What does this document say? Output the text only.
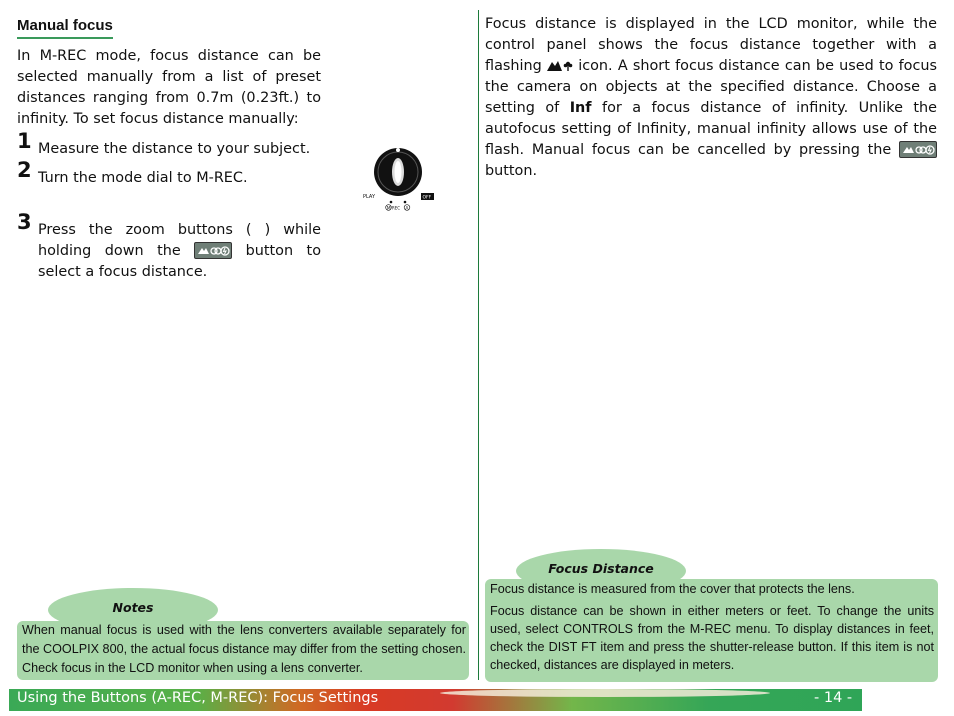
Manual focus
In M-REC mode, focus distance can be selected manually from a list of preset distances ranging from 0.7m (0.23ft.) to infinity. To set focus distance manually:
1 Measure the distance to your subject.
2 Turn the mode dial to M-REC.
3 Press the zoom buttons ( ) while holding down the	button to select a focus distance.
PLAY	OFF
M REC A
Focus distance is displayed in the LCD monitor, while the control panel shows the focus distance together with a flashing	icon. A short focus distance can be used to focus the camera on objects at the specified distance. Choose a setting of Inf for a focus distance of infinity. Unlike the autofocus setting of Infinity, manual infinity allows use of the flash. Manual focus can be cancelled by pressing the
button.
Notes
When manual focus is used with the lens converters available separately for the COOLPIX 800, the actual focus distance may differ from the setting chosen. Check focus in the LCD monitor when using a lens converter.
Focus Distance

Focus distance is measured from the cover that protects the lens.

Focus distance can be shown in either meters or feet. To change the units used, select CONTROLS from the M-REC menu. To display distances in feet, check the DIST FT item and press the shutter-release button. If this item is not checked, distances are displayed in meters.

Using the Buttons (A-REC, M-REC): Focus Settings	- 14 -
